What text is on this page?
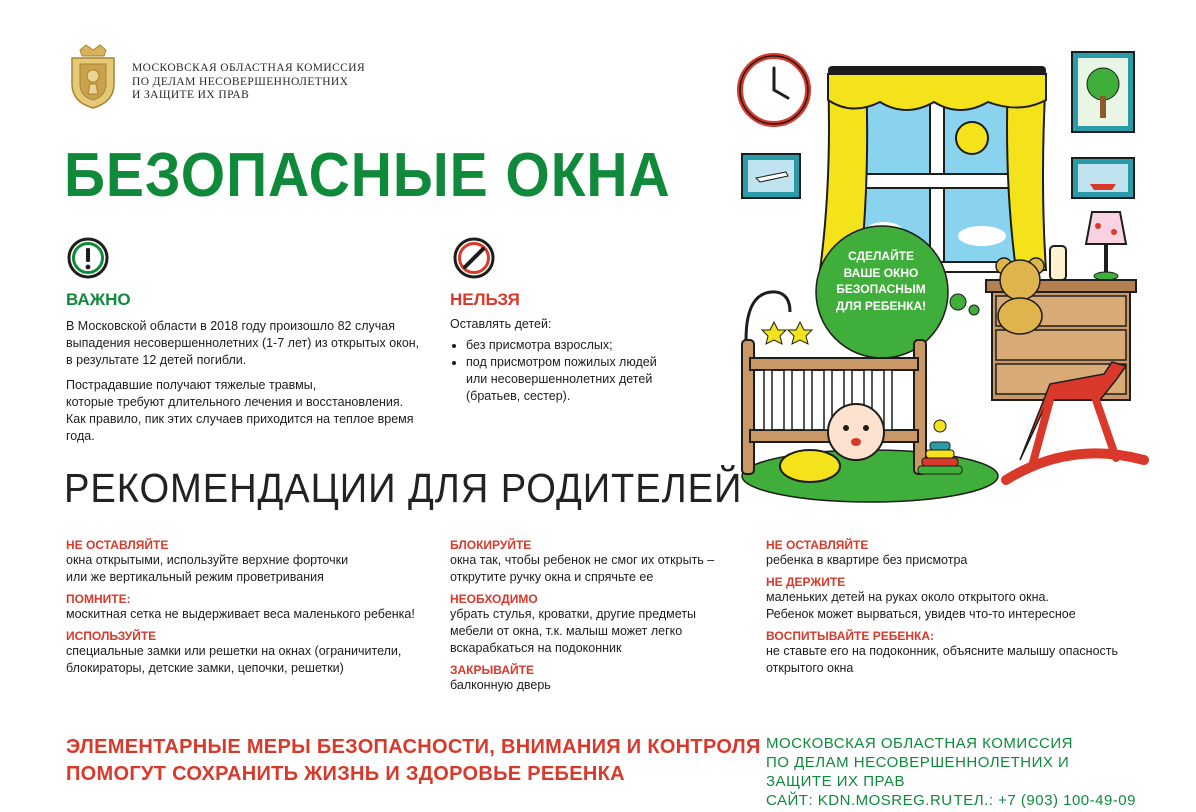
МОСКОВСКАЯ ОБЛАСТНАЯ КОМИССИЯ
ПО ДЕЛАМ НЕСОВЕРШЕННОЛЕТНИХ
И ЗАЩИТЕ ИХ ПРАВ
БЕЗОПАСНЫЕ ОКНА
ВАЖНО
В Московской области в 2018 году произошло 82 случая
выпадения несовершеннолетних (1-7 лет) из открытых окон,
в результате 12 детей погибли.
Пострадавшие получают тяжелые травмы,
которые требуют длительного лечения и восстановления.
Как правило, пик этих случаев приходится на теплое время года.
НЕЛЬЗЯ
Оставлять детей:
• без присмотра взрослых;
• под присмотром пожилых людей
или несовершеннолетних детей
(братьев, сестер).
РЕКОМЕНДАЦИИ ДЛЯ РОДИТЕЛЕЙ
НЕ ОСТАВЛЯЙТЕ
окна открытыми, используйте верхние форточки
или же вертикальный режим проветривания
ПОМНИТЕ:
москитная сетка не выдерживает веса маленького ребенка!
ИСПОЛЬЗУЙТЕ
специальные замки или решетки на окнах (ограничители,
блокираторы, детские замки, цепочки, решетки)
БЛОКИРУЙТЕ
окна так, чтобы ребенок не смог их открыть –
открутите ручку окна и спрячьте ее
НЕОБХОДИМО
убрать стулья, кроватки, другие предметы
мебели от окна, т.к. малыш может легко
вскарабкаться на подоконник
ЗАКРЫВАЙТЕ
балконную дверь
НЕ ОСТАВЛЯЙТЕ
ребенка в квартире без присмотра
НЕ ДЕРЖИТЕ
маленьких детей на руках около открытого окна.
Ребенок может вырваться, увидев что-то интересное
ВОСПИТЫВАЙТЕ РЕБЕНКА:
не ставьте его на подоконник, объясните малышу опасность
открытого окна
ЭЛЕМЕНТАРНЫЕ МЕРЫ БЕЗОПАСНОСТИ, ВНИМАНИЯ И КОНТРОЛЯ
ПОМОГУТ СОХРАНИТЬ ЖИЗНЬ И ЗДОРОВЬЕ РЕБЕНКА
МОСКОВСКАЯ ОБЛАСТНАЯ КОМИССИЯ
ПО ДЕЛАМ НЕСОВЕРШЕННОЛЕТНИХ И ЗАЩИТЕ ИХ ПРАВ
САЙТ: KDN.MOSREG.RU ТЕЛ.: +7 (903) 100-49-09
СДЕЛАЙТЕ
ВАШЕ ОКНО
БЕЗОПАСНЫМ
ДЛЯ РЕБЕНКА!
